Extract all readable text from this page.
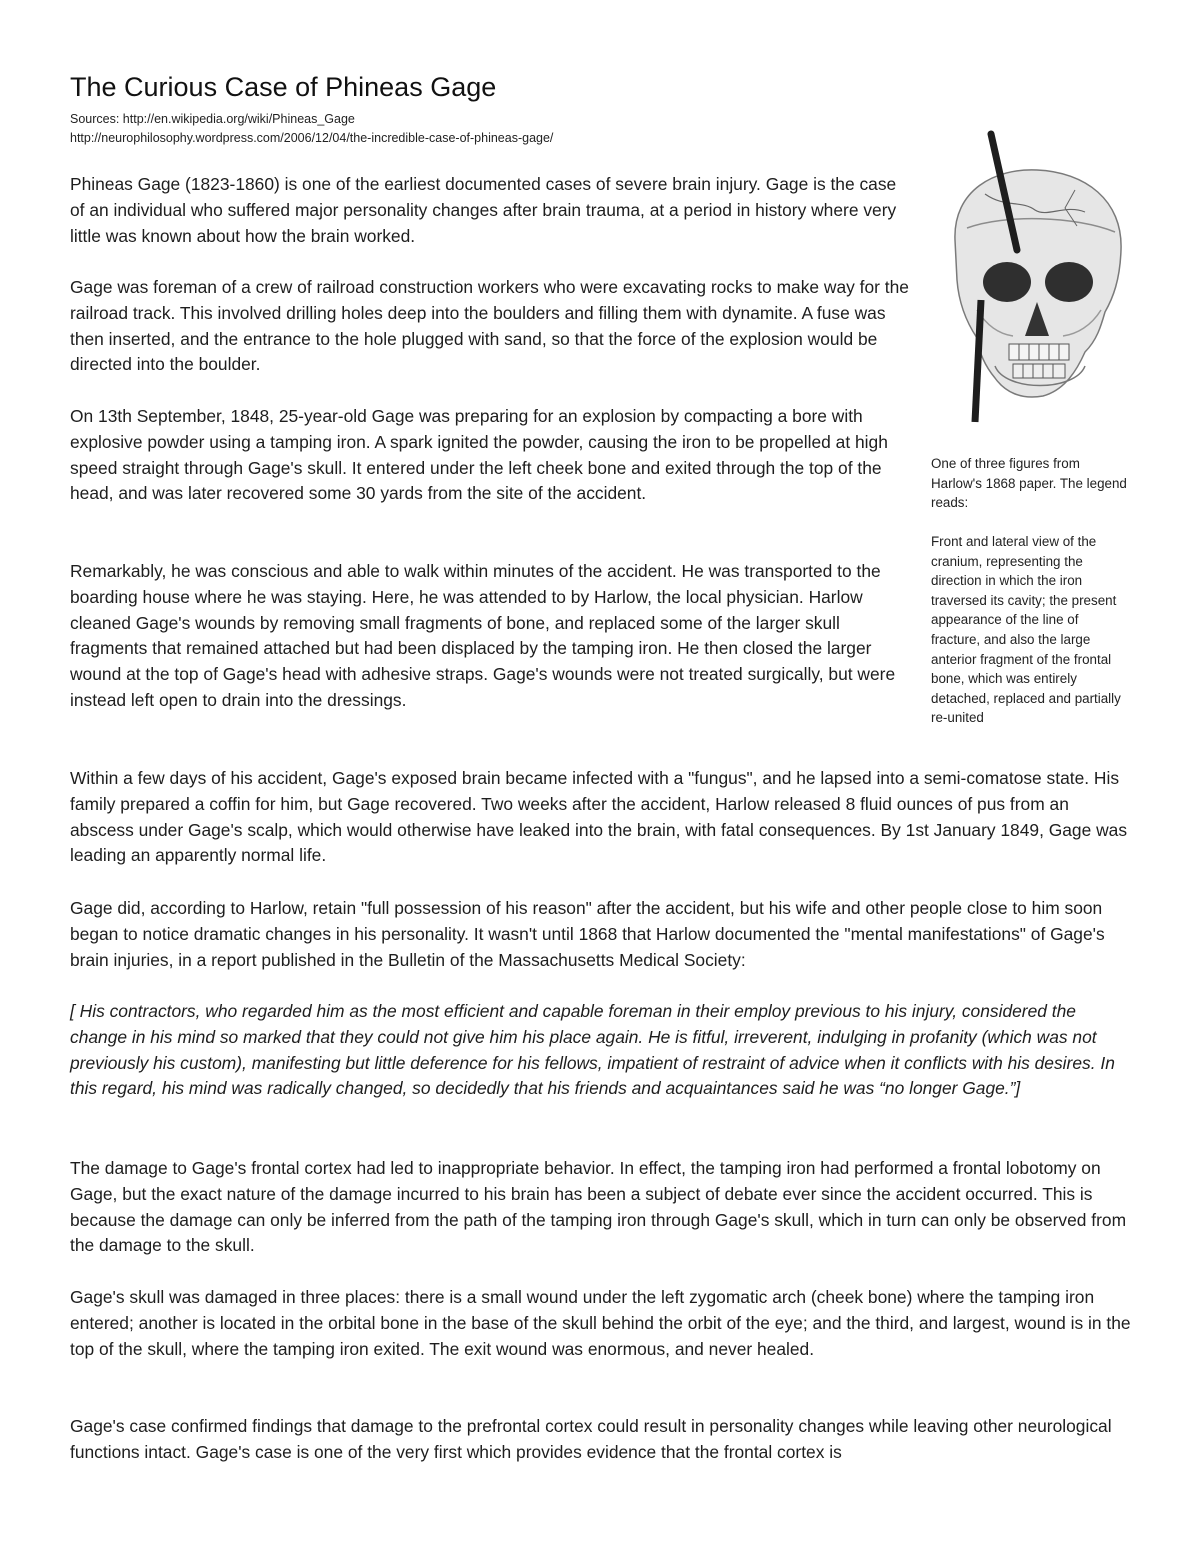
The Curious Case of Phineas Gage
Sources: http://en.wikipedia.org/wiki/Phineas_Gage
http://neurophilosophy.wordpress.com/2006/12/04/the-incredible-case-of-phineas-gage/
One of three figures from Harlow's 1868 paper. The legend reads:
Front and lateral view of the cranium, representing the direction in which the iron traversed its cavity; the present appearance of the line of fracture, and also the large anterior fragment of the frontal bone, which was entirely detached, replaced and partially re-united

Phineas Gage (1823-1860) is one of the earliest documented cases of severe brain injury. Gage is the case of an individual who suffered major personality changes after brain trauma, at a period in history where very little was known about how the brain worked.

Gage was foreman of a crew of railroad construction workers who were excavating rocks to make way for the railroad track. This involved drilling holes deep into the boulders and filling them with dynamite. A fuse was then inserted, and the entrance to the hole plugged with sand, so that the force of the explosion would be directed into the boulder.

On 13th September, 1848, 25-year-old Gage was preparing for an explosion by compacting a bore with explosive powder using a tamping iron. A spark ignited the powder, causing the iron to be propelled at high speed straight through Gage's skull. It entered under the left cheek bone and exited through the top of the head, and was later recovered some 30 yards from the site of the accident.

Remarkably, he was conscious and able to walk within minutes of the accident. He was transported to the boarding house where he was staying. Here, he was attended to by Harlow, the local physician. Harlow cleaned Gage's wounds by removing small fragments of bone, and replaced some of the larger skull fragments that remained attached but had been displaced by the tamping iron. He then closed the larger wound at the top of Gage's head with adhesive straps. Gage's wounds were not treated surgically, but were instead left open to drain into the dressings.

Within a few days of his accident, Gage's exposed brain became infected with a "fungus", and he lapsed into a semi-comatose state. His family prepared a coffin for him, but Gage recovered. Two weeks after the accident, Harlow released 8 fluid ounces of pus from an abscess under Gage's scalp, which would otherwise have leaked into the brain, with fatal consequences. By 1st January 1849, Gage was leading an apparently normal life.

Gage did, according to Harlow, retain "full possession of his reason" after the accident, but his wife and other people close to him soon began to notice dramatic changes in his personality. It wasn't until 1868 that Harlow documented the "mental manifestations" of Gage's brain injuries, in a report published in the Bulletin of the Massachusetts Medical Society:

[ His contractors, who regarded him as the most efficient and capable foreman in their employ previous to his injury, considered the change in his mind so marked that they could not give him his place again. He is fitful, irreverent, indulging in profanity (which was not previously his custom), manifesting but little deference for his fellows, impatient of restraint of advice when it conflicts with his desires. In this regard, his mind was radically changed, so decidedly that his friends and acquaintances said he was “no longer Gage.”]

The damage to Gage's frontal cortex had led to inappropriate behavior. In effect, the tamping iron had performed a frontal lobotomy on Gage, but the exact nature of the damage incurred to his brain has been a subject of debate ever since the accident occurred. This is because the damage can only be inferred from the path of the tamping iron through Gage's skull, which in turn can only be observed from the damage to the skull.

Gage's skull was damaged in three places: there is a small wound under the left zygomatic arch (cheek bone) where the tamping iron entered; another is located in the orbital bone in the base of the skull behind the orbit of the eye; and the third, and largest, wound is in the top of the skull, where the tamping iron exited. The exit wound was enormous, and never healed.

Gage's case confirmed findings that damage to the prefrontal cortex could result in personality changes while leaving other neurological functions intact. Gage's case is one of the very first which provides evidence that the frontal cortex is
